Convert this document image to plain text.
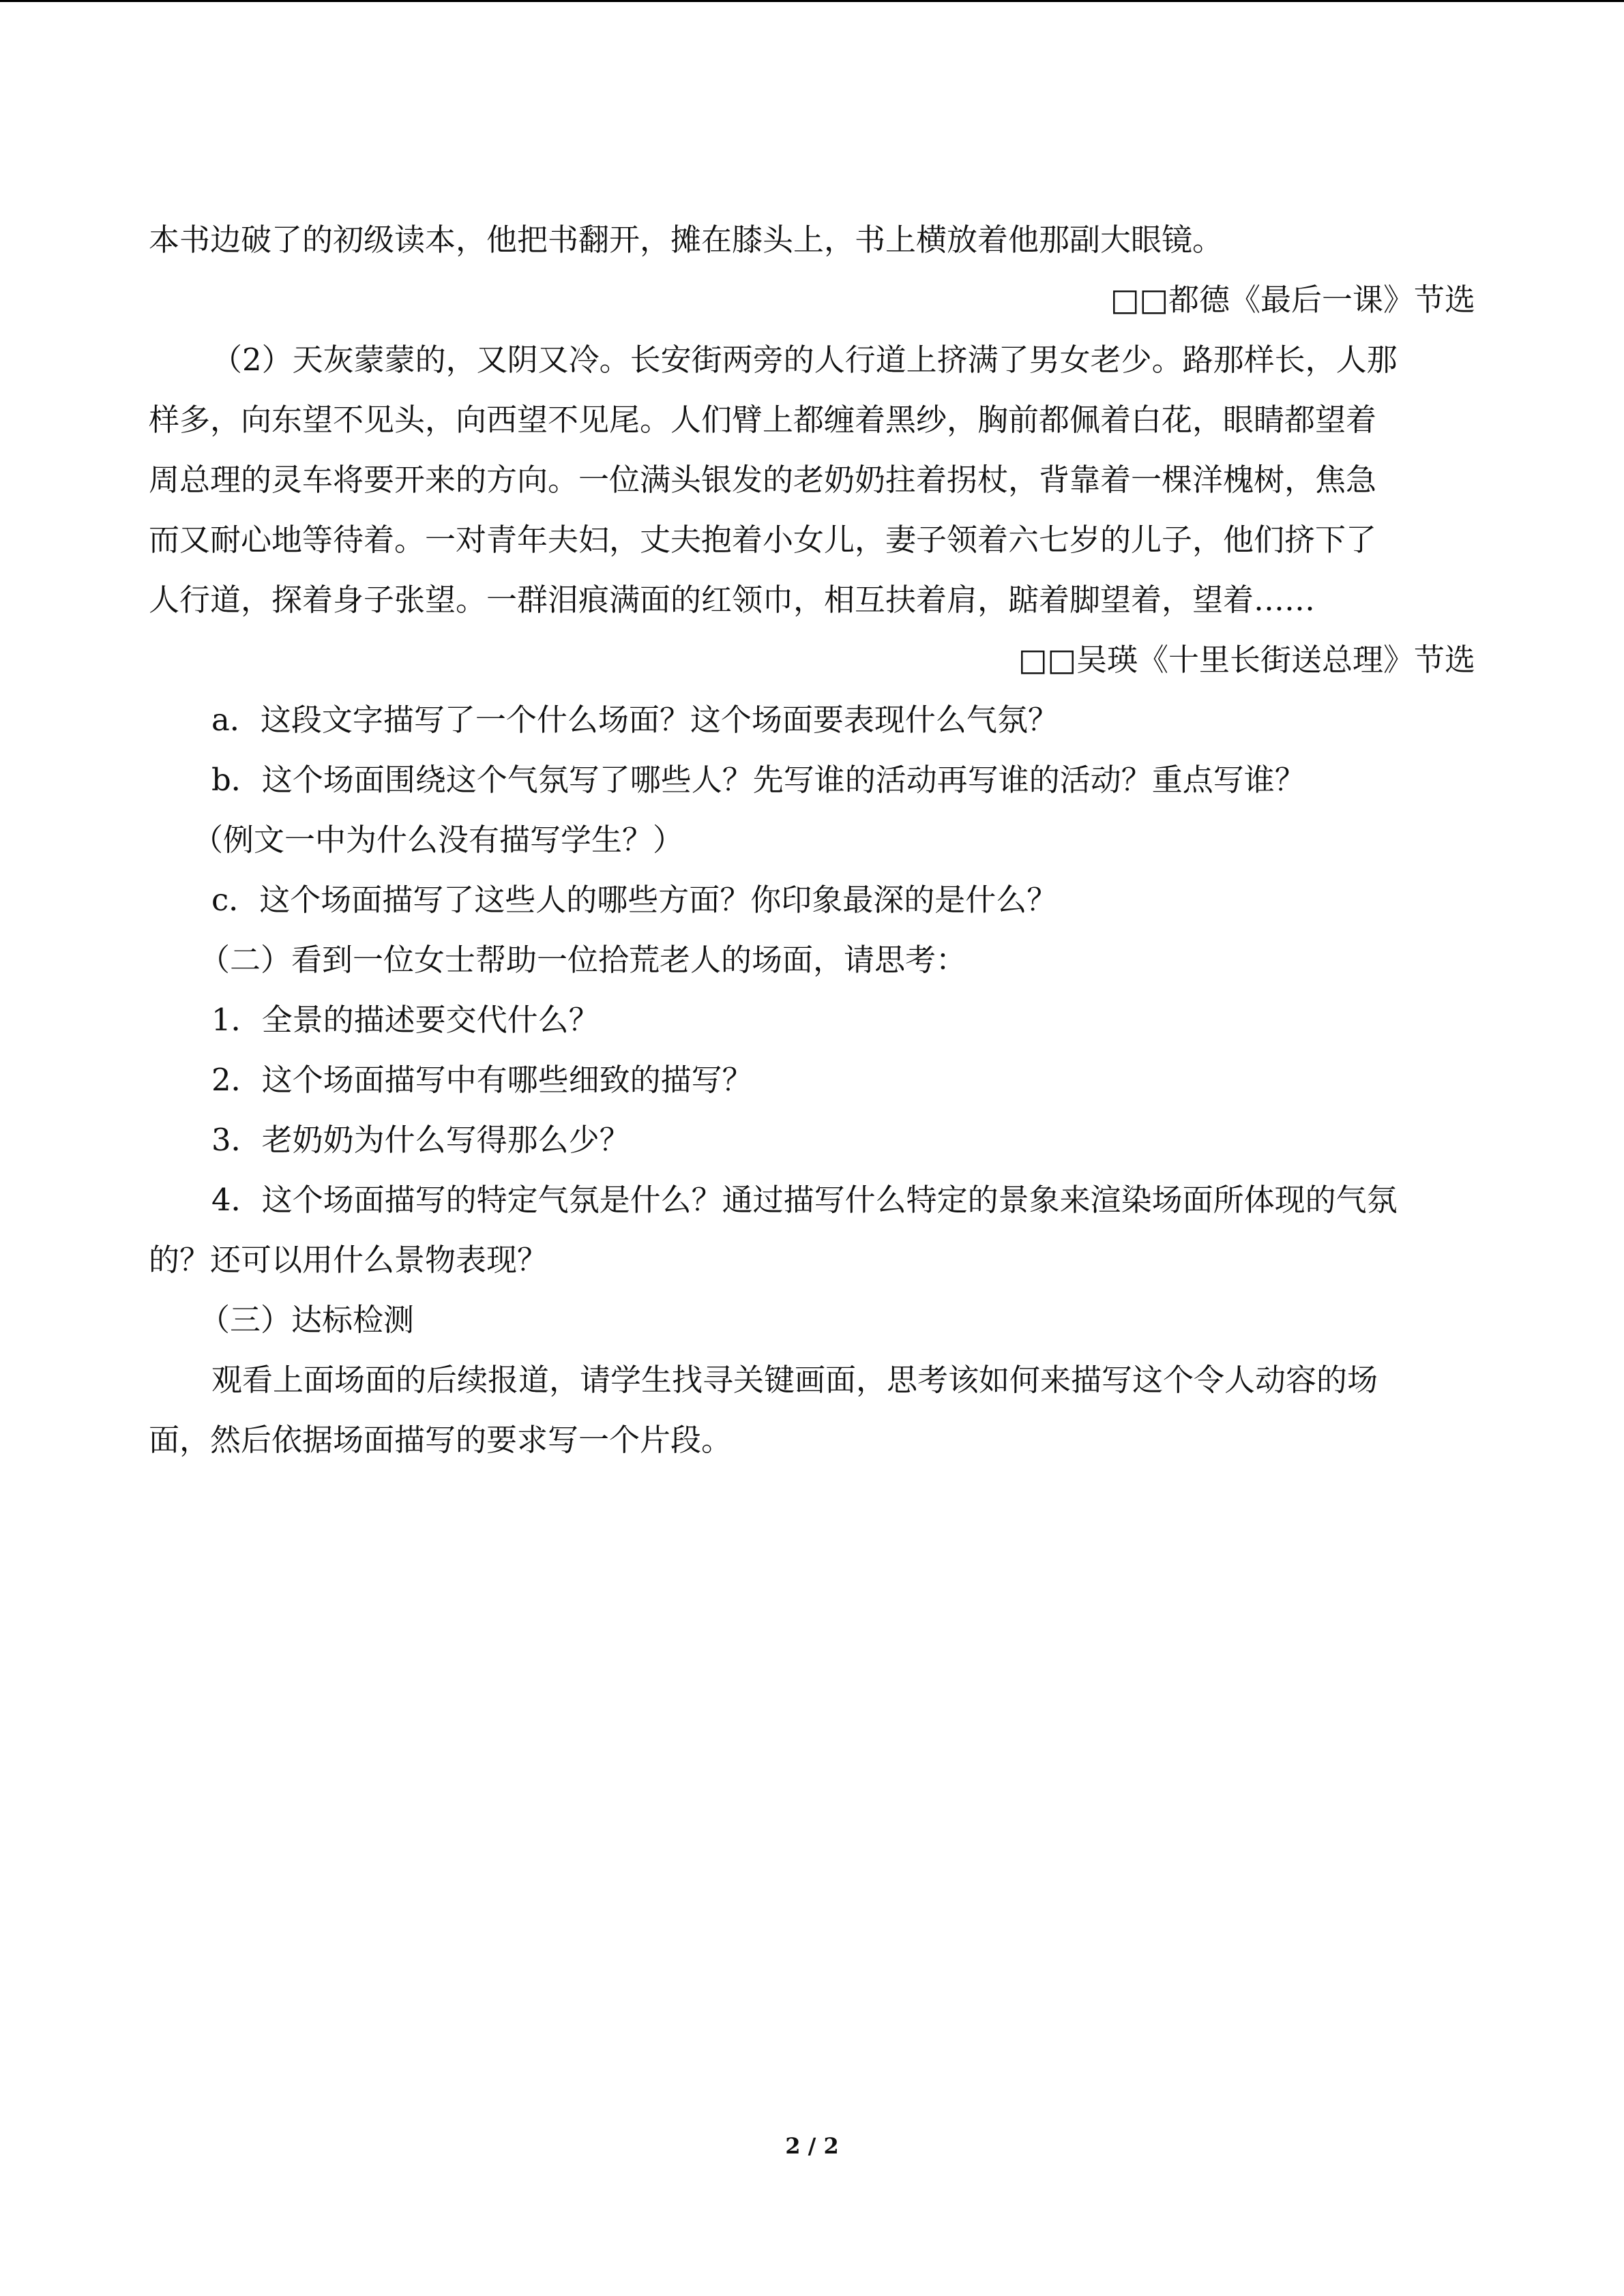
本书边破了的初级读本，他把书翻开，摊在膝头上，书上横放着他那副大眼镜。
□□都德《最后一课》节选
（2）天灰蒙蒙的，又阴又冷。长安街两旁的人行道上挤满了男女老少。路那样长，人那
样多，向东望不见头，向西望不见尾。人们臂上都缠着黑纱，胸前都佩着白花，眼睛都望着
周总理的灵车将要开来的方向。一位满头银发的老奶奶拄着拐杖，背靠着一棵洋槐树，焦急
而又耐心地等待着。一对青年夫妇，丈夫抱着小女儿，妻子领着六七岁的儿子，他们挤下了
人行道，探着身子张望。一群泪痕满面的红领巾，相互扶着肩，踮着脚望着，望着……
□□吴瑛《十里长街送总理》节选
a．这段文字描写了一个什么场面？这个场面要表现什么气氛？
b．这个场面围绕这个气氛写了哪些人？先写谁的活动再写谁的活动？重点写谁？
（例文一中为什么没有描写学生？）
c．这个场面描写了这些人的哪些方面？你印象最深的是什么？
（二）看到一位女士帮助一位拾荒老人的场面，请思考：
1．全景的描述要交代什么？
2．这个场面描写中有哪些细致的描写？
3．老奶奶为什么写得那么少？
4．这个场面描写的特定气氛是什么？通过描写什么特定的景象来渲染场面所体现的气氛
的？还可以用什么景物表现？
（三）达标检测
观看上面场面的后续报道，请学生找寻关键画面，思考该如何来描写这个令人动容的场
面，然后依据场面描写的要求写一个片段。
2 / 2
